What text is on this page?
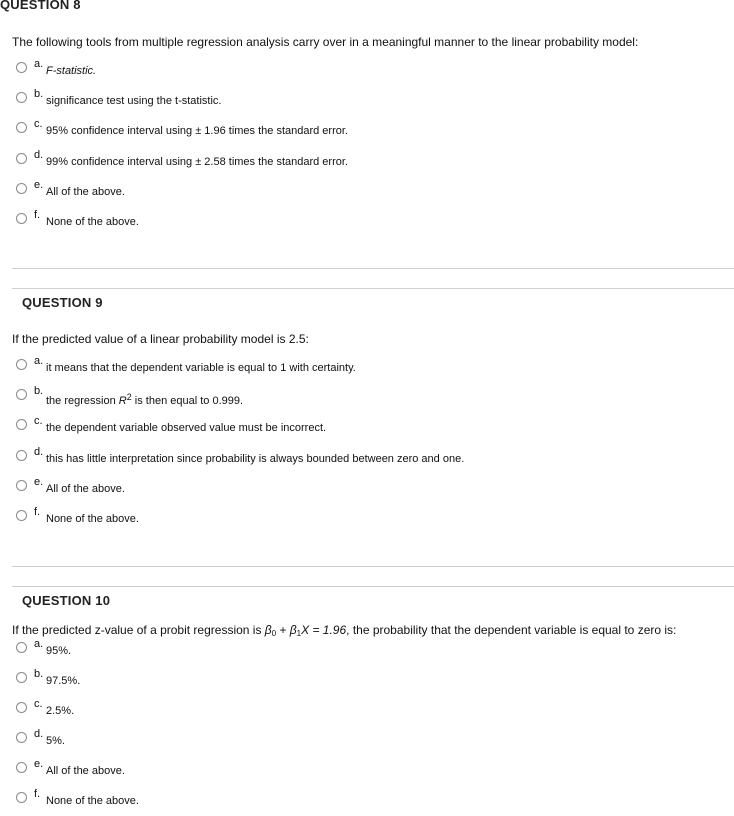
QUESTION 8
The following tools from multiple regression analysis carry over in a meaningful manner to the linear probability model:
a.
F-statistic.
b.
significance test using the t-statistic.
c.
95% confidence interval using ± 1.96 times the standard error.
d.
99% confidence interval using ± 2.58 times the standard error.
e.
All of the above.
f.
None of the above.
QUESTION 9
If the predicted value of a linear probability model is 2.5:
a.
it means that the dependent variable is equal to 1 with certainty.
b.
the regression $R^2$ is then equal to 0.999.
c.
the dependent variable observed value must be incorrect.
d.
this has little interpretation since probability is always bounded between zero and one.
e.
All of the above.
f.
None of the above.
QUESTION 10
If the predicted z-value of a probit regression is $\beta_0 + \beta_1X = 1.96$, the probability that the dependent variable is equal to zero is:
a.
95%.
b.
97.5%.
c.
2.5%.
d.
5%.
e.
All of the above.
f.
None of the above.
